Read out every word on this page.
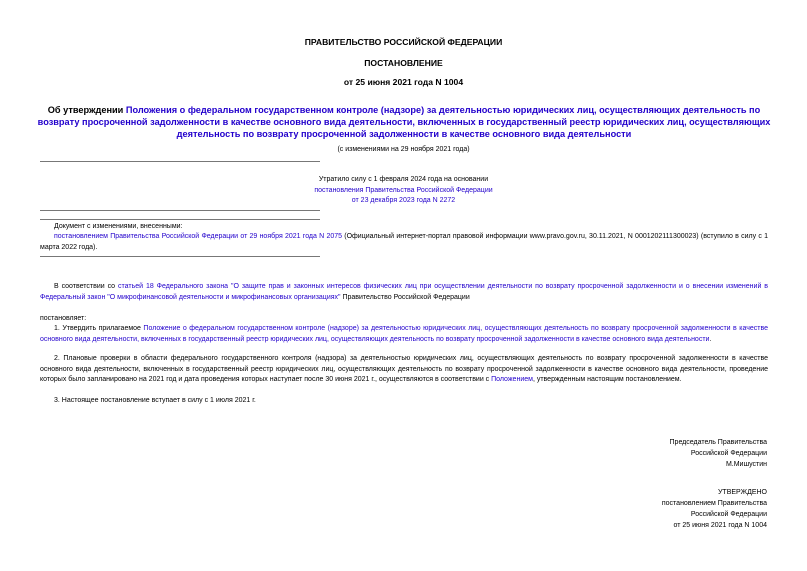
ПРАВИТЕЛЬСТВО РОССИЙСКОЙ ФЕДЕРАЦИИ
ПОСТАНОВЛЕНИЕ
от 25 июня 2021 года N 1004
Об утверждении Положения о федеральном государственном контроле (надзоре) за деятельностью юридических лиц, осуществляющих деятельность по возврату просроченной задолженности в качестве основного вида деятельности, включенных в государственный реестр юридических лиц, осуществляющих деятельность по возврату просроченной задолженности в качестве основного вида деятельности
(с изменениями на 29 ноября 2021 года)
Утратило силу с 1 февраля 2024 года на основании
постановления Правительства Российской Федерации
от 23 декабря 2023 года N 2272
Документ с изменениями, внесенными:
постановлением Правительства Российской Федерации от 29 ноября 2021 года N 2075 (Официальный интернет-портал правовой информации www.pravo.gov.ru, 30.11.2021, N 0001202111300023) (вступило в силу с 1 марта 2022 года).
В соответствии со статьей 18 Федерального закона "О защите прав и законных интересов физических лиц при осуществлении деятельности по возврату просроченной задолженности и о внесении изменений в Федеральный закон "О микрофинансовой деятельности и микрофинансовых организациях" Правительство Российской Федерации
постановляет:
1. Утвердить прилагаемое Положение о федеральном государственном контроле (надзоре) за деятельностью юридических лиц, осуществляющих деятельность по возврату просроченной задолженности в качестве основного вида деятельности, включенных в государственный реестр юридических лиц, осуществляющих деятельность по возврату просроченной задолженности в качестве основного вида деятельности.
2. Плановые проверки в области федерального государственного контроля (надзора) за деятельностью юридических лиц, осуществляющих деятельность по возврату просроченной задолженности в качестве основного вида деятельности, включенных в государственный реестр юридических лиц, осуществляющих деятельность по возврату просроченной задолженности в качестве основного вида деятельности, проведение которых было запланировано на 2021 год и дата проведения которых наступает после 30 июня 2021 г., осуществляются в соответствии с Положением, утвержденным настоящим постановлением.
3. Настоящее постановление вступает в силу с 1 июля 2021 г.
Председатель Правительства
Российской Федерации
М.Мишустин
УТВЕРЖДЕНО
постановлением Правительства
Российской Федерации
от 25 июня 2021 года N 1004
